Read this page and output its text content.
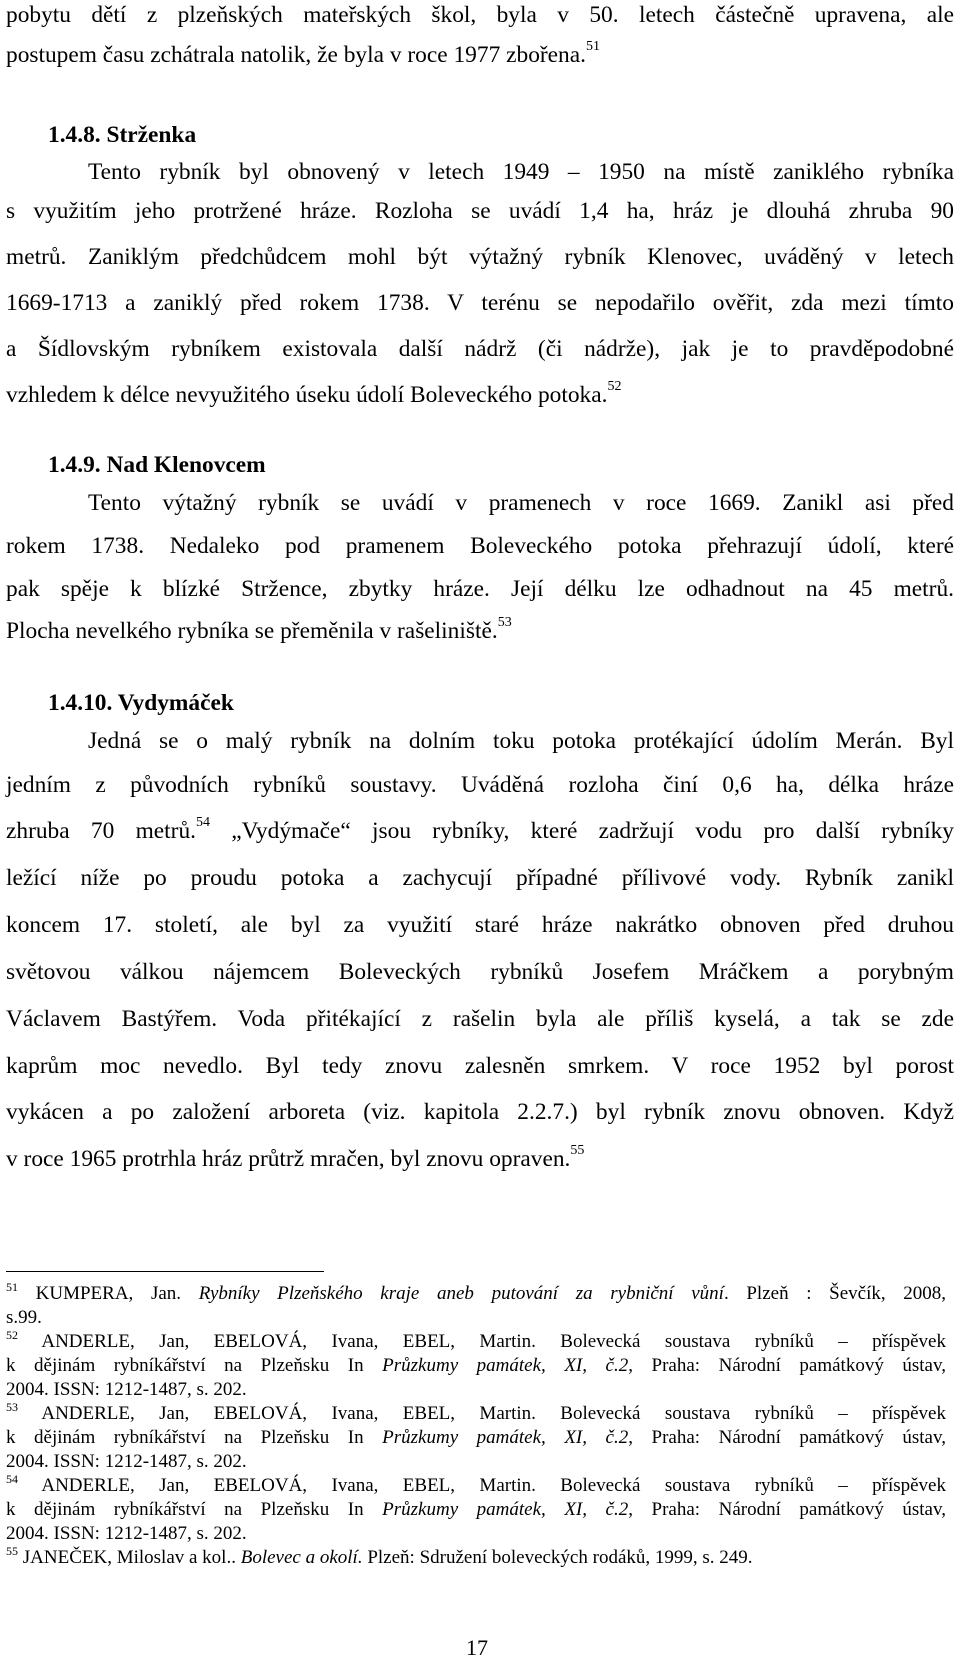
pobytu dětí z plzeňských mateřských škol, byla v 50. letech částečně upravena, ale
postupem času zchátrala natolik, že byla v roce 1977 zbořena.$^{51}$
1.4.8. Strženka
Tento rybník byl obnovený v letech 1949 – 1950 na místě zaniklého rybníka
s využitím jeho protržené hráze. Rozloha se uvádí 1,4 ha, hráz je dlouhá zhruba 90
metrů. Zaniklým předchůdcem mohl být výtažný rybník Klenovec, uváděný v letech
1669-1713 a zaniklý před rokem 1738. V terénu se nepodařilo ověřit, zda mezi tímto
a Šídlovským rybníkem existovala další nádrž (či nádrže), jak je to pravděpodobné
vzhledem k délce nevyužitého úseku údolí Boleveckého potoka.$^{52}$
1.4.9. Nad Klenovcem
Tento výtažný rybník se uvádí v pramenech v roce 1669. Zanikl asi před
rokem 1738. Nedaleko pod pramenem Boleveckého potoka přehrazují údolí, které
pak spěje k blízké Stržence, zbytky hráze. Její délku lze odhadnout na 45 metrů.
Plocha nevelkého rybníka se přeměnila v rašeliniště.$^{53}$
1.4.10. Vydymáček
Jedná se o malý rybník na dolním toku potoka protékající údolím Merán. Byl
jedním z původních rybníků soustavy. Uváděná rozloha činí 0,6 ha, délka hráze
zhruba 70 metrů.$^{54}$ „Vydýmače“ jsou rybníky, které zadržují vodu pro další rybníky
ležící níže po proudu potoka a zachycují případné přílivové vody. Rybník zanikl
koncem 17. století, ale byl za využití staré hráze nakrátko obnoven před druhou
světovou válkou nájemcem Boleveckých rybníků Josefem Mráčkem a porybným
Václavem Bastýřem. Voda přitékající z rašelin byla ale příliš kyselá, a tak se zde
kaprům moc nevedlo. Byl tedy znovu zalesněn smrkem. V roce 1952 byl porost
vykácen a po založení arboreta (viz. kapitola 2.2.7.) byl rybník znovu obnoven. Když
v roce 1965 protrhla hráz průtrž mračen, byl znovu opraven.$^{55}$
$^{51}$ KUMPERA, Jan. Rybníky Plzeňského kraje aneb putování za rybniční vůní. Plzeň : Ševčík, 2008,
s.99.
$^{52}$ ANDERLE, Jan, EBELOVÁ, Ivana, EBEL, Martin. Bolevecká soustava rybníků – příspěvek
k dějinám rybníkářství na Plzeňsku In Průzkumy památek, XI, č.2, Praha: Národní památkový ústav,
2004. ISSN: 1212-1487, s. 202.
$^{53}$ ANDERLE, Jan, EBELOVÁ, Ivana, EBEL, Martin. Bolevecká soustava rybníků – příspěvek
k dějinám rybníkářství na Plzeňsku In Průzkumy památek, XI, č.2, Praha: Národní památkový ústav,
2004. ISSN: 1212-1487, s. 202.
$^{54}$ ANDERLE, Jan, EBELOVÁ, Ivana, EBEL, Martin. Bolevecká soustava rybníků – příspěvek
k dějinám rybníkářství na Plzeňsku In Průzkumy památek, XI, č.2, Praha: Národní památkový ústav,
2004. ISSN: 1212-1487, s. 202.
$^{55}$ JANEČEK, Miloslav a kol.. Bolevec a okolí. Plzeň: Sdružení boleveckých rodáků, 1999, s. 249.
17
